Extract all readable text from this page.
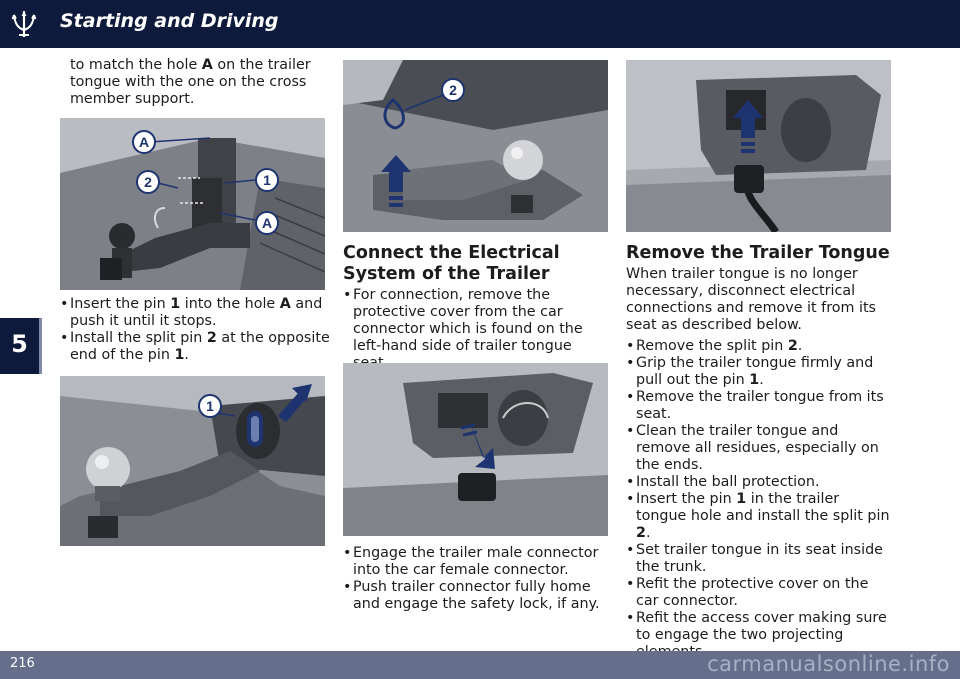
Starting and Driving
5

to match the hole A on the trailer tongue with the one on the cross member support.

A
2	1
A
• Insert the pin 1 into the hole A and push it until it stops.
• Install the split pin 2 at the opposite end of the pin 1.
1
2
Connect the Electrical System of the Trailer
• For connection, remove the protective cover from the car connector which is found on the left-hand side of trailer tongue
• Engage the trailer male connector into the car female connector.
• Push trailer connector fully home and engage the safety lock, if any.
Remove the Trailer Tongue

When trailer tongue is no longer necessary, disconnect electrical connections and remove it from its seat as described below.

• Remove the split pin 2.
• Grip the trailer tongue firmly and pull out the pin 1.
• Remove the trailer tongue from its seat.
• Clean the trailer tongue and remove all residues, especially on the ends.
• Install the ball protection.
• Insert the pin 1 in the trailer tongue hole and install the split pin 2.
• Set trailer tongue in its seat inside the trunk.
• Refit the protective cover on the car connector.
• Refit the access cover making sure to engage the two projecting
216	carmanualsonline.info
